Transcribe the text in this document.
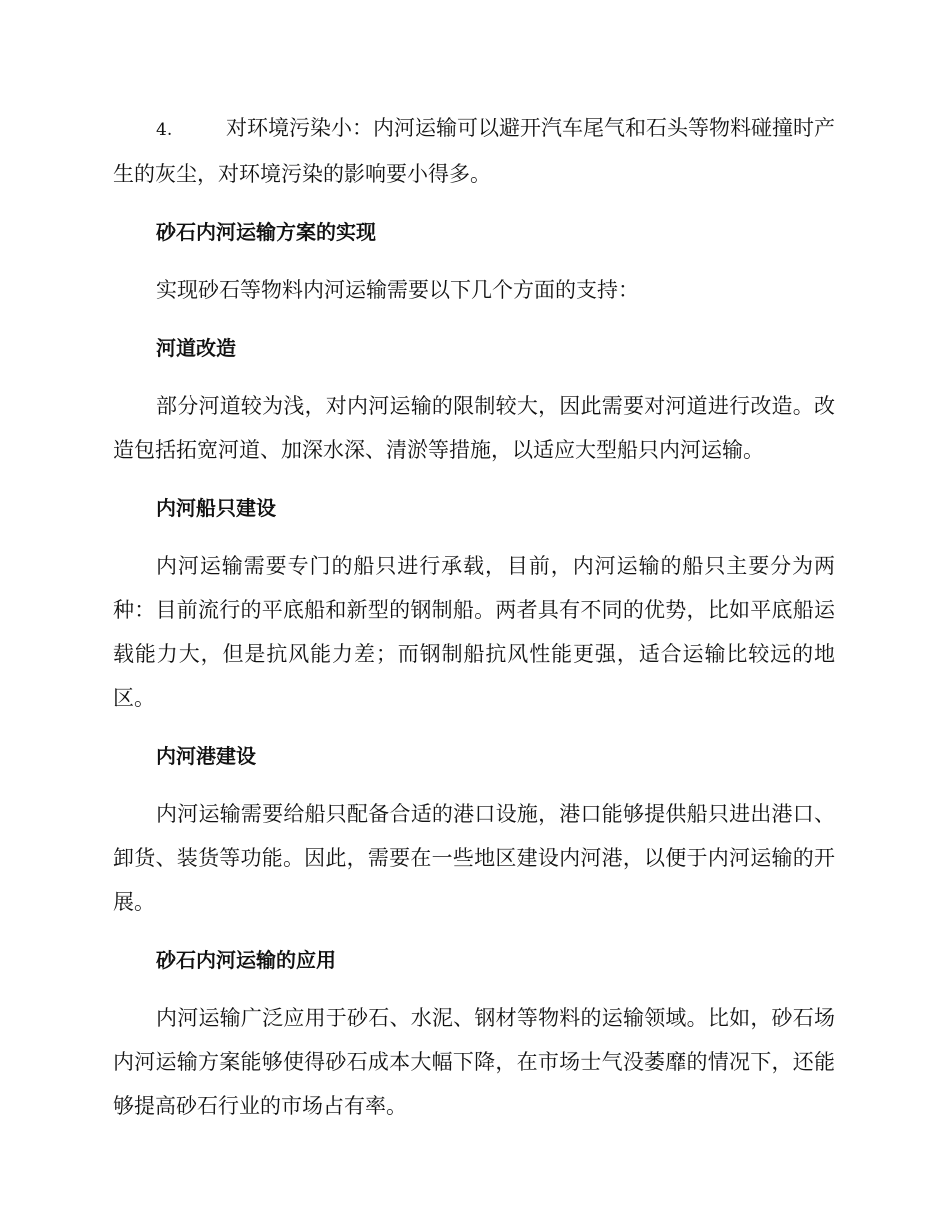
4.	对环境污染小：内河运输可以避开汽车尾气和石头等物料碰撞时产生的灰尘，对环境污染的影响要小得多。

砂石内河运输方案的实现

实现砂石等物料内河运输需要以下几个方面的支持：

河道改造

部分河道较为浅，对内河运输的限制较大，因此需要对河道进行改造。改造包括拓宽河道、加深水深、清淤等措施，以适应大型船只内河运输。

内河船只建设

内河运输需要专门的船只进行承载，目前，内河运输的船只主要分为两种：目前流行的平底船和新型的钢制船。两者具有不同的优势，比如平底船运载能力大，但是抗风能力差；而钢制船抗风性能更强，适合运输比较远的地区。

内河港建设

内河运输需要给船只配备合适的港口设施，港口能够提供船只进出港口、卸货、装货等功能。因此，需要在一些地区建设内河港，以便于内河运输的开展。

砂石内河运输的应用

内河运输广泛应用于砂石、水泥、钢材等物料的运输领域。比如，砂石场内河运输方案能够使得砂石成本大幅下降，在市场士气没萎靡的情况下，还能够提高砂石行业的市场占有率。
